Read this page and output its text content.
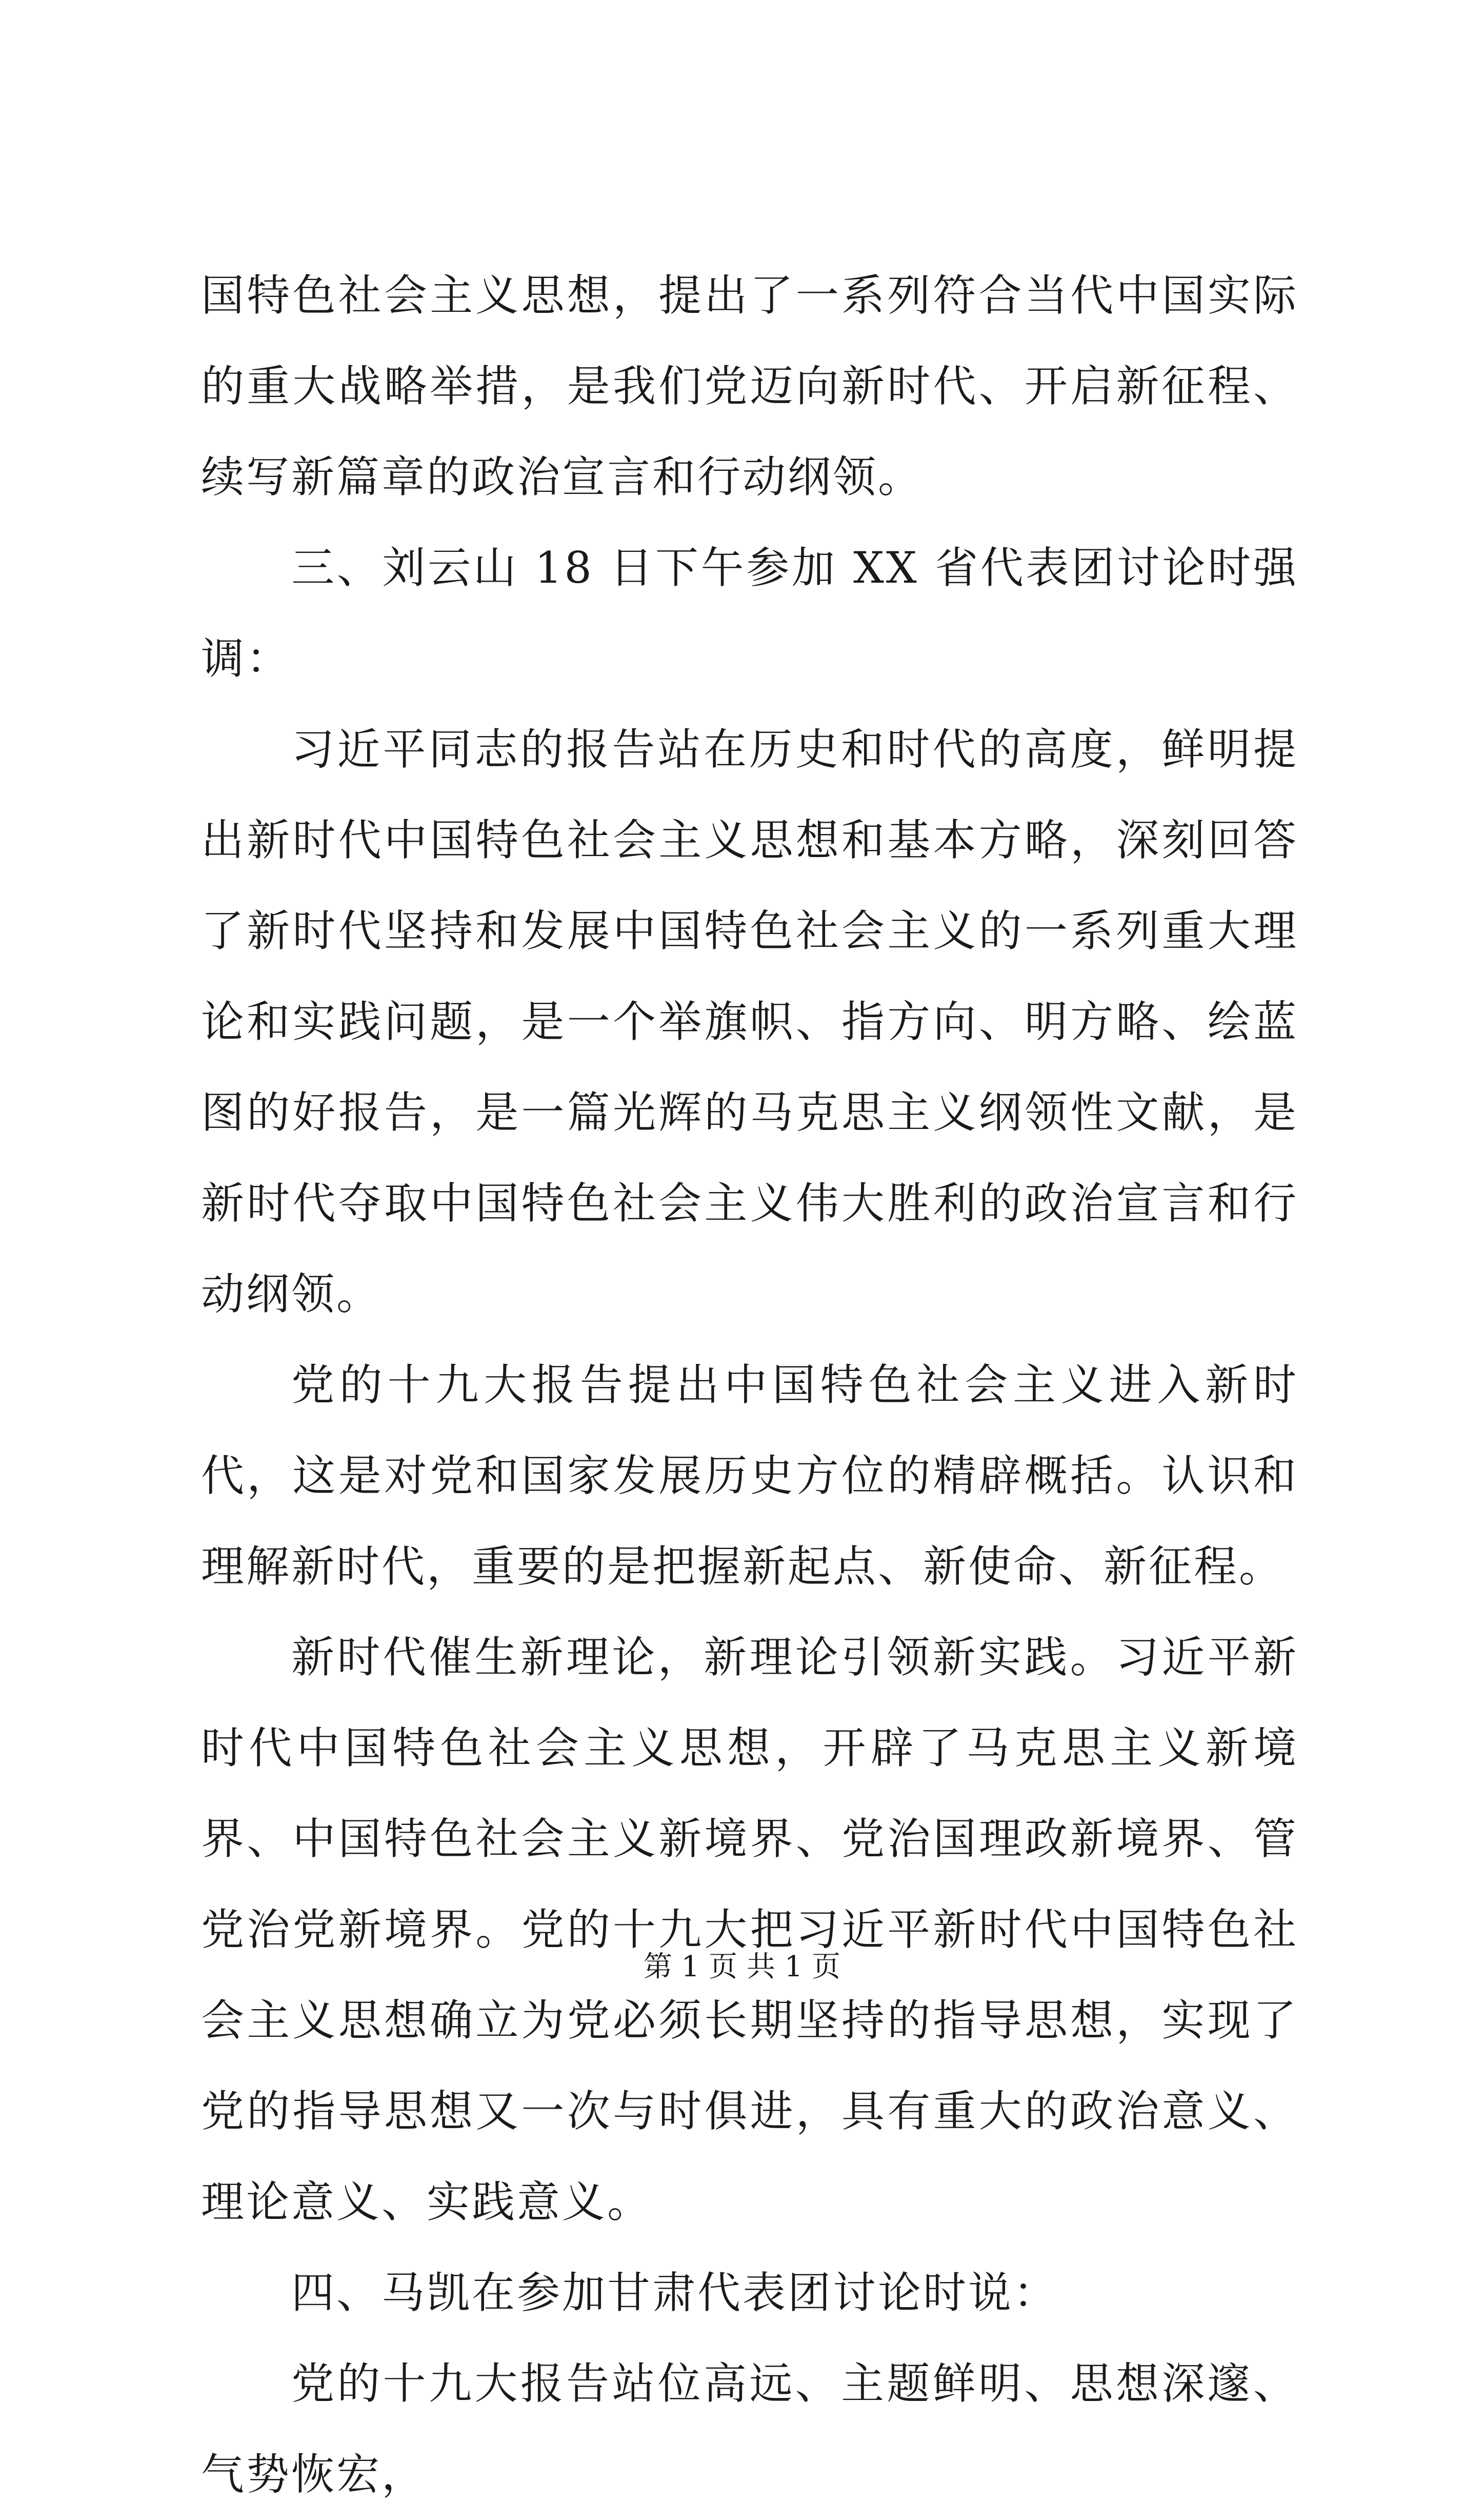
国特色社会主义思想，提出了一系列符合当代中国实际的重大战略举措，是我们党迈向新时代、开启新征程、续写新篇章的政治宣言和行动纲领。

三、刘云山 18 日下午参加 XX 省代表团讨论时强调：

习近平同志的报告站在历史和时代的高度，鲜明提出新时代中国特色社会主义思想和基本方略，深刻回答了新时代坚持和发展中国特色社会主义的一系列重大理论和实践问题，是一个举旗帜、指方向、明方略、绘蓝图的好报告，是一篇光辉的马克思主义纲领性文献，是新时代夺取中国特色社会主义伟大胜利的政治宣言和行动纲领。

党的十九大报告提出中国特色社会主义进入新时代，这是对党和国家发展历史方位的精辟概括。认识和理解新时代，重要的是把握新起点、新使命、新征程。

新时代催生新理论，新理论引领新实践。习近平新时代中国特色社会主义思想，开辟了马克思主义新境界、中国特色社会主义新境界、党治国理政新境界、管党治党新境界。党的十九大把习近平新时代中国特色社会主义思想确立为党必须长期坚持的指导思想，实现了党的指导思想又一次与时俱进，具有重大的政治意义、理论意义、实践意义。

四、马凯在参加甘肃代表团讨论时说：

党的十九大报告站位高远、主题鲜明、思想深邃、气势恢宏，

第 1 页 共 1 页
